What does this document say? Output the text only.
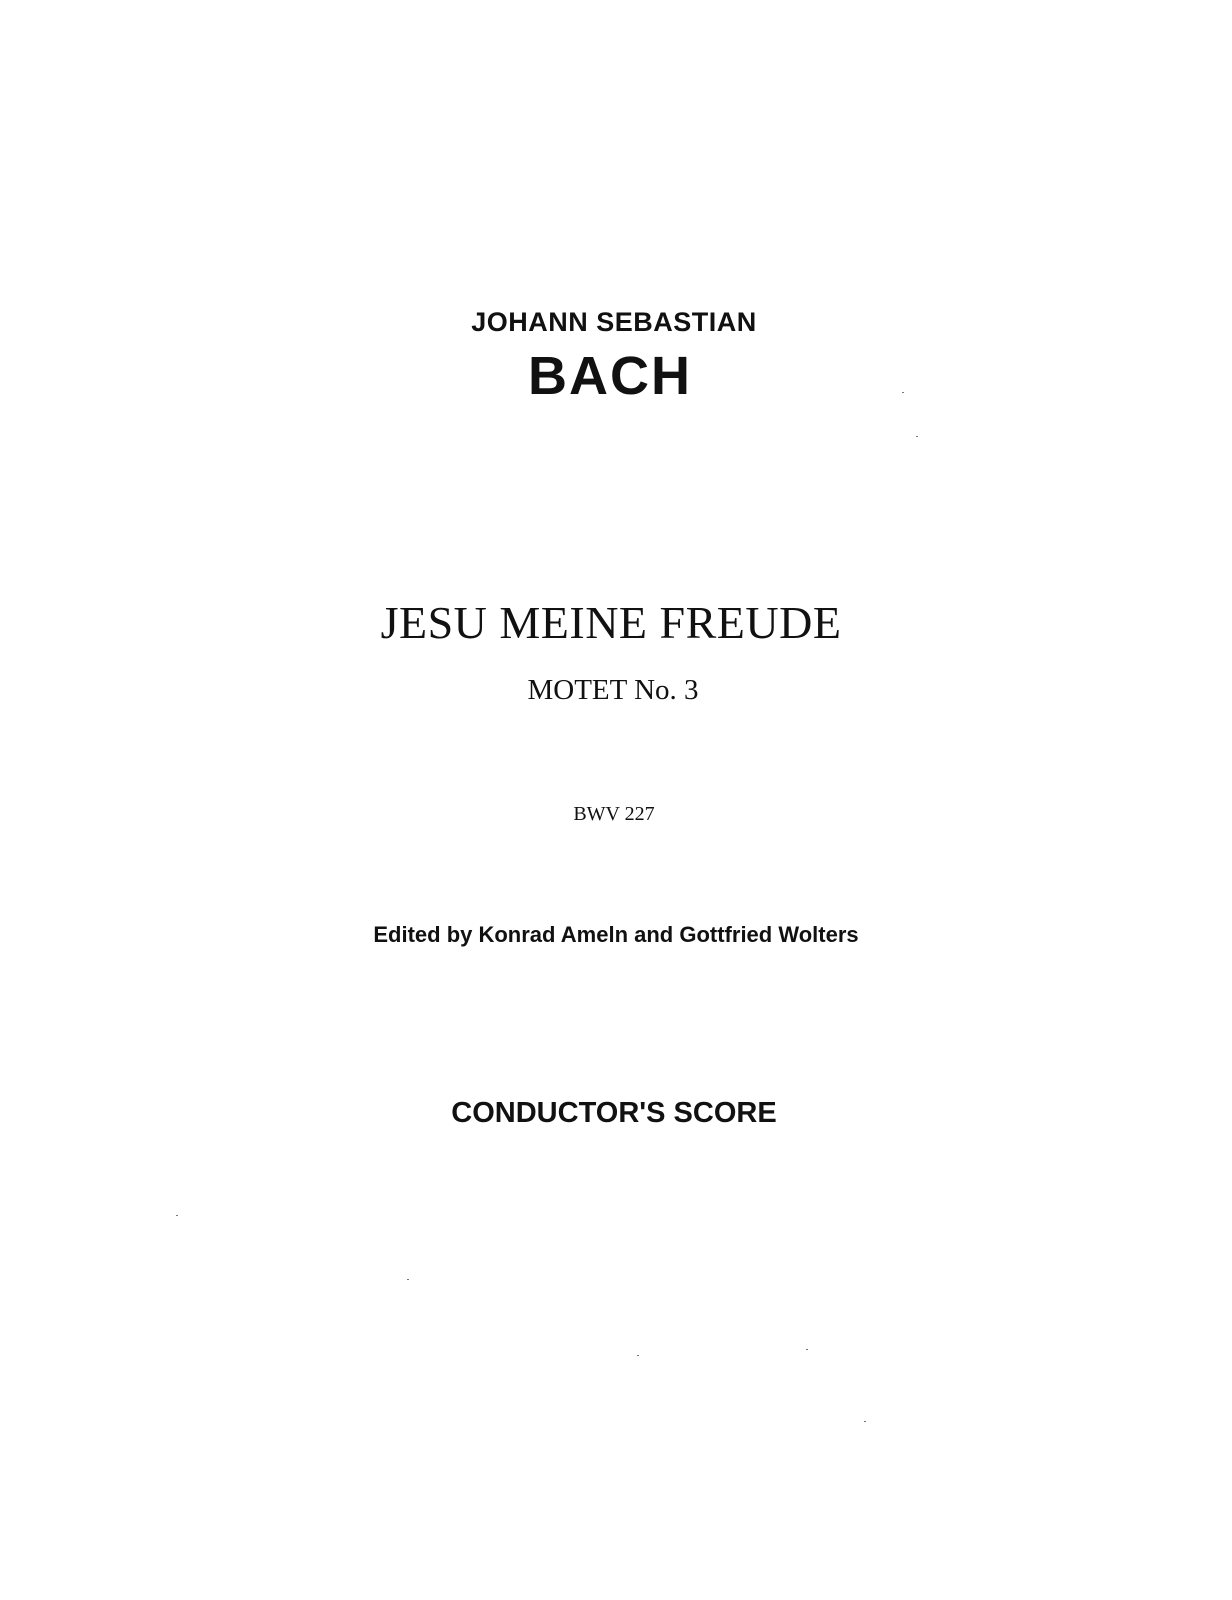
JOHANN SEBASTIAN
BACH
JESU MEINE FREUDE
MOTET No. 3
BWV 227
Edited by Konrad Ameln and Gottfried Wolters
CONDUCTOR'S SCORE
